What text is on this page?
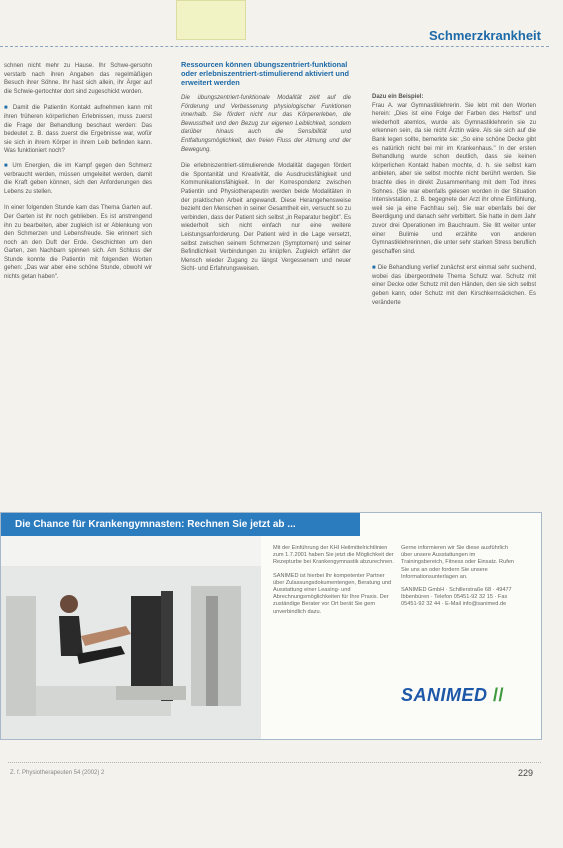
Schmerzkrankheit

schnen nicht mehr zu Hause. Ihr Schwe-gersohn verstarb nach ihren Angaben das regelmäßigen Besuch ihrer Söhne. Ihr hast sich allein, ihr Ärger auf die Schwie-gertochter dort sind zugeschickt worden.

■ Damit die Patientin Kontakt aufnehmen kann mit ihren früheren körperlichen Erlebnissen, muss zuerst die Frage der Behandlung beschaut werden: Das bedeutet z. B. dass zuerst die Ergebnisse war, wofür sie sich in ihrem Körper in ihrem Leib befinden kann. Was funktioniert noch?
■ Um Energien, die im Kampf gegen den Schmerz verbraucht werden, müssen umgeleitet werden, damit die Kraft geben können, sich den Anforderungen des Lebens zu stellen.

In einer folgenden Stunde kam das Thema Garten auf. Der Garten ist ihr noch geblieben. Es ist anstrengend ihn zu bearbeiten, aber zugleich ist er Ablenkung von den Schmerzen und Lebensfreude. Sie erinnert sich noch an den Duft der Erde. Geschichten um den Garten, zen Nachbarn spinnen sich. Am Schluss der Stunde konnte die Patientin mit folgenden Worten gehen: „Das war aber eine schöne Stunde, obwohl wir nichts getan haben".

Ressourcen können übungszentriert-funktional oder erlebniszentriert-stimulierend aktiviert und erweitert werden

Die übungszentriert-funktionale Modalität zielt auf die Förderung und Verbesserung physiologischer Funktionen innerhalb. Sie fördert nicht nur das Körpererleben, die Bewusstheit und den Bezug zur eigenen Leiblichkeit, sondern darüber hinaus auch die Sensibilität und Entfaltungsmöglichkeit, den freien Fluss der Atmung und der Bewegung.

Die erlebniszentriert-stimulierende Modalität dagegen fördert die Spontanität und Kreativität, die Ausdrucksfähigkeit und Kommunikationsfähigkeit. In der Korrespondenz zwischen Patientin und Physiotherapeutin werden beide Modalitäten in der praktischen Arbeit angewandt. Diese Herangehensweise bezieht den Menschen in seiner Gesamtheit ein, versucht so zu verbinden, dass der Patient sich selbst „in Reparatur begibt". Es wiederholt sich nicht einfach nur eine weitere Leistungsanforderung. Der Patient wird in die Lage versetzt, selbst zwischen seinem Schmerzen (Symptomen) und seiner Befindlichkeit Verbindungen zu knüpfen. Zugleich erfährt der Mensch wieder Zugang zu längst Vergessenem und neuer Sicht- und Erfahrungsweisen.

Dazu ein Beispiel:

Frau A. war Gymnastiklehrerin. Sie lebt mit den Worten herein: „Dies ist eine Folge der Farben des Herbst" und wiederholt atemlos, wurde als Gymnastiklehrerin sie zu erkennen sein, da sie nicht Ärztin wäre. Als sie sich auf die Bank legen sollte, bemerkte sie: „So eine schöne Decke gibt es natürlich nicht bei mir im Krankenhaus." In der ersten Behandlung wurde schon deutlich, dass sie keinen körperlichen Kontakt haben mochte, d. h. sie selbst kam anbieten, aber sie selbst mochte nicht berührt werden. Sie brachte dies in direkt Zusammenhang mit dem Tod ihres Sohnes. (Sie war ebenfalls gelesen worden in der Situation Intensivstation, z. B. begegnete der Arzt ihr ohne Einfühlung, weil sie ja eine Fachfrau sei). Sie war ebenfalls bei der Beerdigung und danach sehr verbittert. Sie hatte in dem Jahr zuvor drei Operationen im Bauchraum. Sie litt weiter unter einer Bulimie und erzählte von anderen Gymnastiklehrerinnen, die unter sehr starken Stress beruflich geschaffen sind.

■ Die Behandlung verlief zunächst erst einmal sehr suchend, wobei das übergeordnete Thema Schutz war. Schutz mit einer Decke oder Schutz mit den Händen, den sie sich selbst geben kann, oder Schutz mit den Kirschkernsäckchen. Es veränderte
Die Chance für Krankengymnasten: Rechnen Sie jetzt ab ...

Mit der Einführung der KHI Heilmittelrichtlinien zum 1.7.2001 haben Sie jetzt die Möglichkeit der Rezepturbe bei Krankengymnastik abzurechnen.

SANIMED ist hierbei Ihr kompetenter Partner über Zulassungsdokumentengen, Beratung und Ausstattung einer Leasing- und Abrechnungsmöglichkeiten für Ihre Praxis. Der zuständige Berater vor Ort berät Sie gern unverbindlich dazu.

Gerne informieren wir Sie diese ausführlich über unsere Ausstattungen im Trainingsbereich, Fitness oder Einsatz. Rufen Sie uns an oder fordern Sie unsere Informationsunterlagen an.

SANIMED GmbH · Schillerstraße 68 · 49477 Ibbenbüren · Telefon 05451-92 32 15 · Fax 05451-92 32 44 · E-Mail info@sanimed.de

SANIMED //
Z. f. Physiotherapeuten 54 (2002) 2	229
